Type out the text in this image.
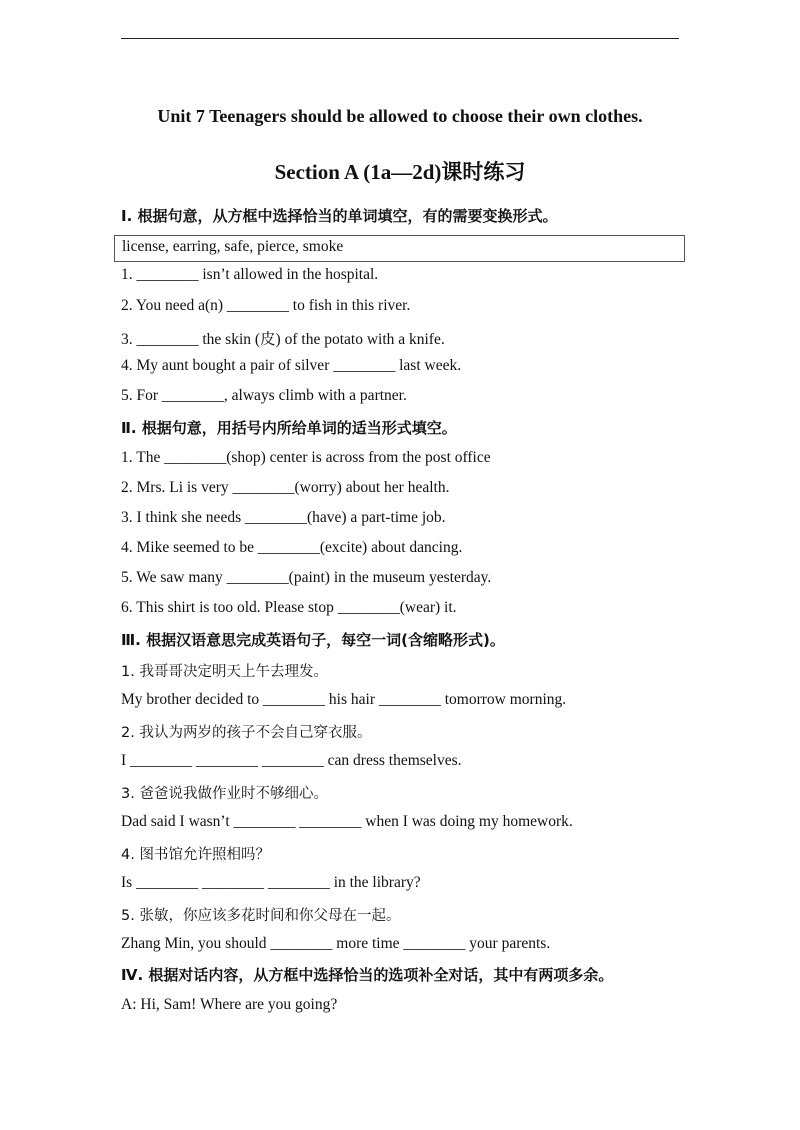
Unit 7 Teenagers should be allowed to choose their own clothes.
Section A (1a—2d)课时练习
Ⅰ. 根据句意，从方框中选择恰当的单词填空，有的需要变换形式。
license, earring, safe, pierce, smoke
1. ________ isn’t allowed in the hospital.
2. You need a(n) ________ to fish in this river.
3. ________ the skin (皮) of the potato with a knife.
4. My aunt bought a pair of silver ________ last week.
5. For ________, always climb with a partner.
Ⅱ. 根据句意，用括号内所给单词的适当形式填空。
1. The ________(shop) center is across from the post office
2. Mrs. Li is very ________(worry) about her health.
3. I think she needs ________(have) a part-time job.
4. Mike seemed to be ________(excite) about dancing.
5. We saw many ________(paint) in the museum yesterday.
6. This shirt is too old. Please stop ________(wear) it.
Ⅲ. 根据汉语意思完成英语句子，每空一词(含缩略形式)。
1. 我哥哥决定明天上午去理发。
My brother decided to ________ his hair ________ tomorrow morning.
2. 我认为两岁的孩子不会自己穿衣服。
I ________ ________ ________ can dress themselves.
3. 爸爸说我做作业时不够细心。
Dad said I wasn’t ________ ________ when I was doing my homework.
4. 图书馆允许照相吗？
Is ________ ________ ________ in the library?
5. 张敏，你应该多花时间和你父母在一起。
Zhang Min, you should ________ more time ________ your parents.
Ⅳ. 根据对话内容，从方框中选择恰当的选项补全对话，其中有两项多余。
A: Hi, Sam! Where are you going?
